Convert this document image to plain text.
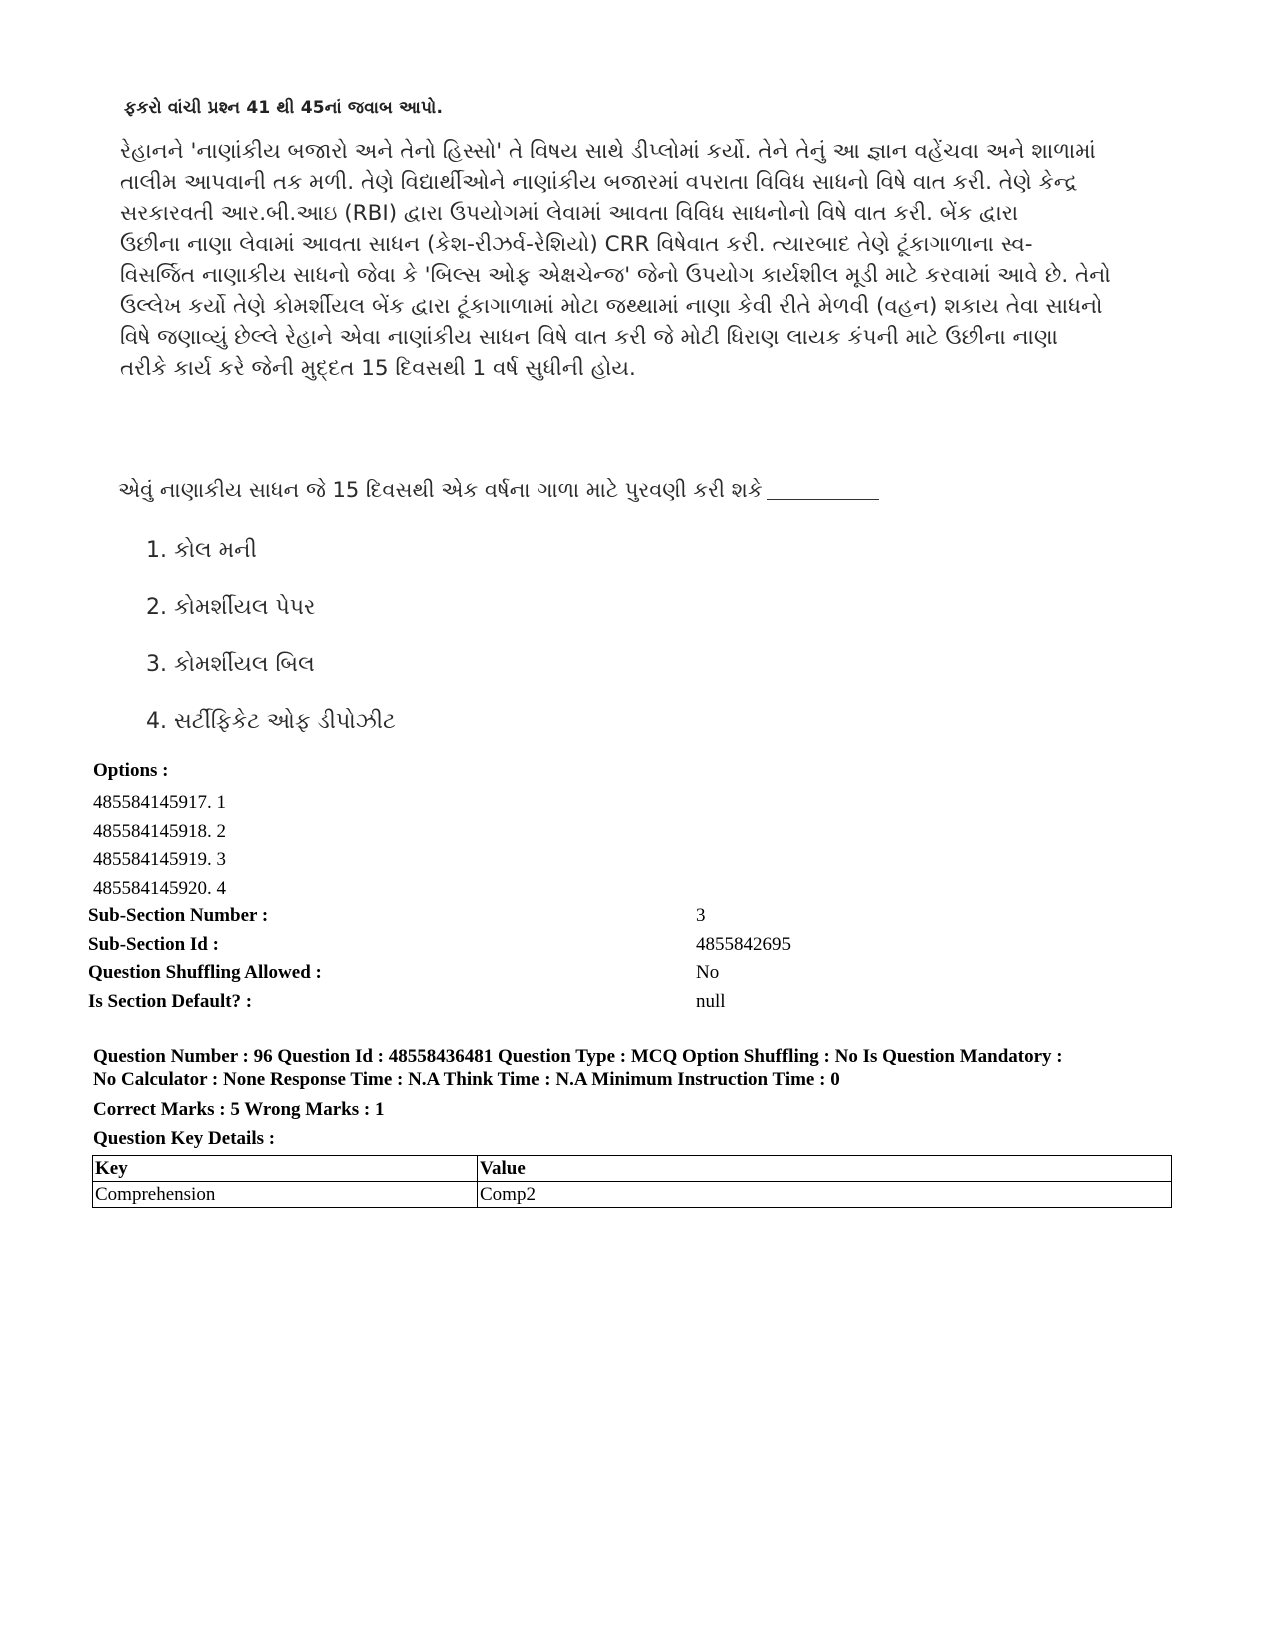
ફકરો વાંચી પ્રશ્ન 41 થી 45નાં જવાબ આપો.
રેહાનને 'નાણાંકીય બજારો અને તેનો હિસ્સો' તે વિષય સાથે ડીપ્લોમાં કર્યો. તેને તેનું આ જ્ઞાન વહેંચવા અને શાળામાં
તાલીમ આપવાની તક મળી. તેણે વિદ્યાર્થીઓને નાણાંકીય બજારમાં વપરાતા વિવિધ સાધનો વિષે વાત કરી. તેણે કેન્દ્ર
સરકારવતી આર.બી.આઇ (RBI) દ્વારા ઉપયોગમાં લેવામાં આવતા વિવિધ સાધનોનો વિષે વાત કરી. બેંક દ્વારા
ઉછીના નાણા લેવામાં આવતા સાધન (કેશ-રીઝર્વ-રેશિયો) CRR વિષેવાત કરી. ત્યારબાદ તેણે ટૂંકાગાળાના સ્વ-
વિસર્જિત નાણાકીય સાધનો જેવા કે 'બિલ્સ ઓફ એક્ષચેન્જ' જેનો ઉપયોગ કાર્યશીલ મૂડી માટે કરવામાં આવે છે. તેનો
ઉલ્લેખ કર્યો તેણે કોમર્શીયલ બેંક દ્વારા ટૂંકાગાળામાં મોટા જથ્થામાં નાણા કેવી રીતે મેળવી (વહન) શકાય તેવા સાધનો
વિષે જણાવ્યું છેલ્લે રેહાને એવા નાણાંકીય સાધન વિષે વાત કરી જે મોટી ધિરાણ લાયક કંપની માટે ઉછીના નાણા
તરીકે કાર્ય કરે જેની મુદ્દત 15 દિવસથી 1 વર્ષ સુધીની હોય.
એવું નાણાકીય સાધન જે 15 દિવસથી એક વર્ષના ગાળા માટે પુરવણી કરી શકે
1. કોલ મની
2. કોમર્શીયલ પેપર
3. કોમર્શીયલ બિલ
4. સર્ટીફિકેટ ઓફ ડીપોઝીટ
Options :
485584145917. 1
485584145918. 2
485584145919. 3
485584145920. 4
Sub-Section Number :	3
Sub-Section Id :	4855842695
Question Shuffling Allowed :	No
Is Section Default? :	null
Question Number : 96 Question Id : 48558436481 Question Type : MCQ Option Shuffling : No Is Question Mandatory :
No Calculator : None Response Time : N.A Think Time : N.A Minimum Instruction Time : 0
Correct Marks : 5 Wrong Marks : 1
Question Key Details :
Key	Value
Comprehension	Comp2
